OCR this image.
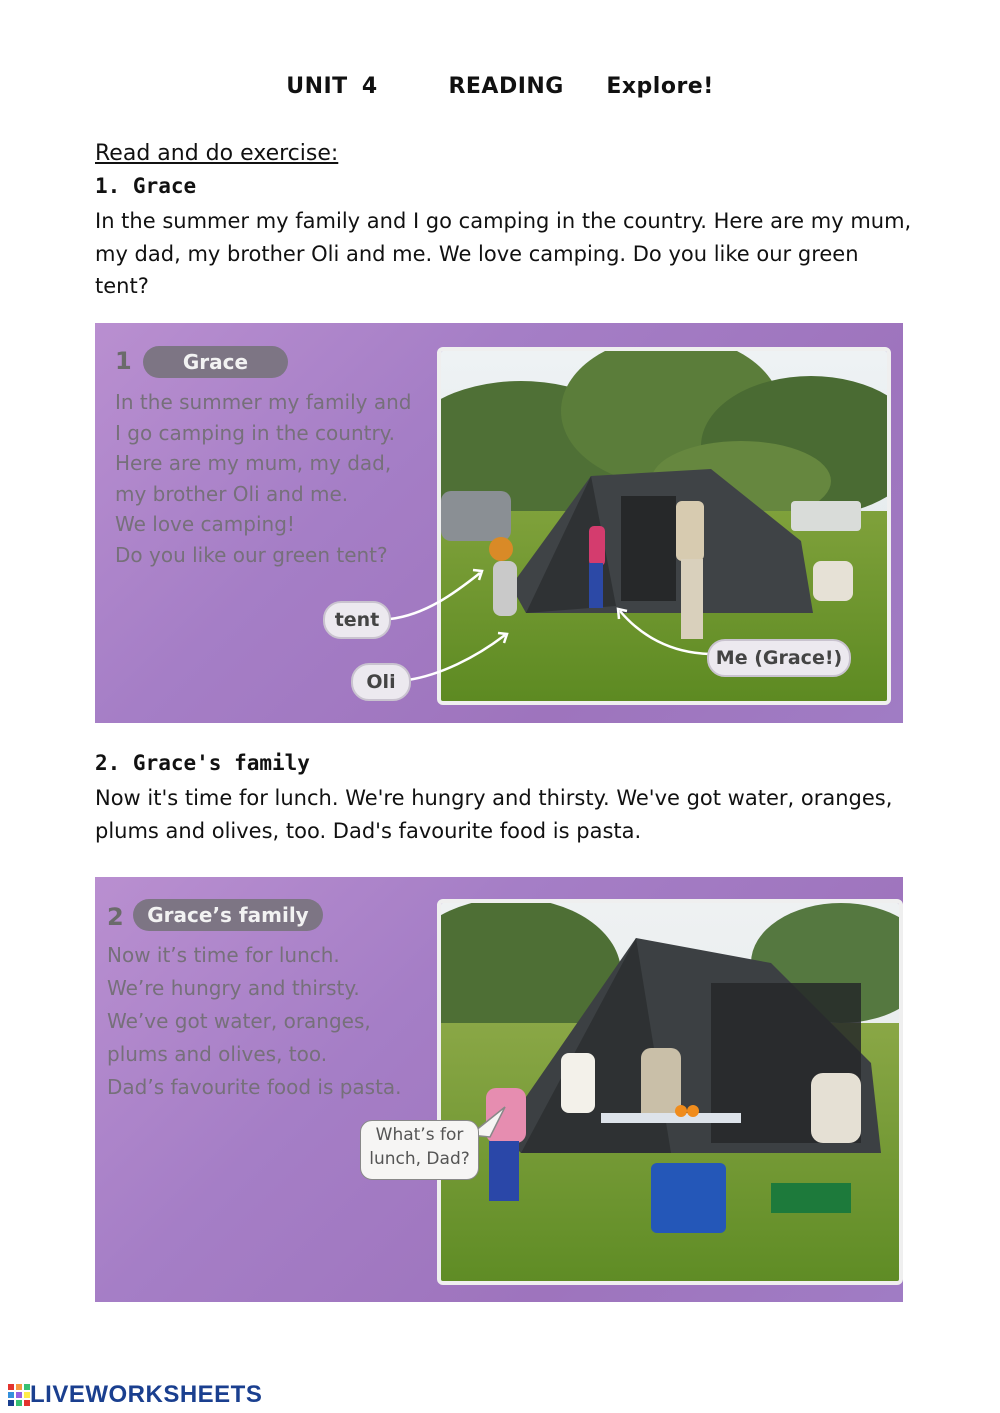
UNIT 4     READING   Explore!
Read and do exercise:
1. Grace
In the summer my family and I go camping in the country. Here are my mum, my dad, my brother Oli and me. We love camping. Do you like our green tent?
1	Grace
In the summer my family and
I go camping in the country.
Here are my mum, my dad,
my brother Oli and me.
We love camping!
Do you like our green tent?
tent
Oli
Me (Grace!)
2. Grace's family
Now it's time for lunch. We're hungry and thirsty. We've got water, oranges, plums and olives, too. Dad's favourite food is pasta.
2	Grace’s family
Now it’s time for lunch.
We’re hungry and thirsty.
We’ve got water, oranges,
plums and olives, too.
Dad’s favourite food is pasta.
What’s for
lunch, Dad?
LIVEWORKSHEETS
